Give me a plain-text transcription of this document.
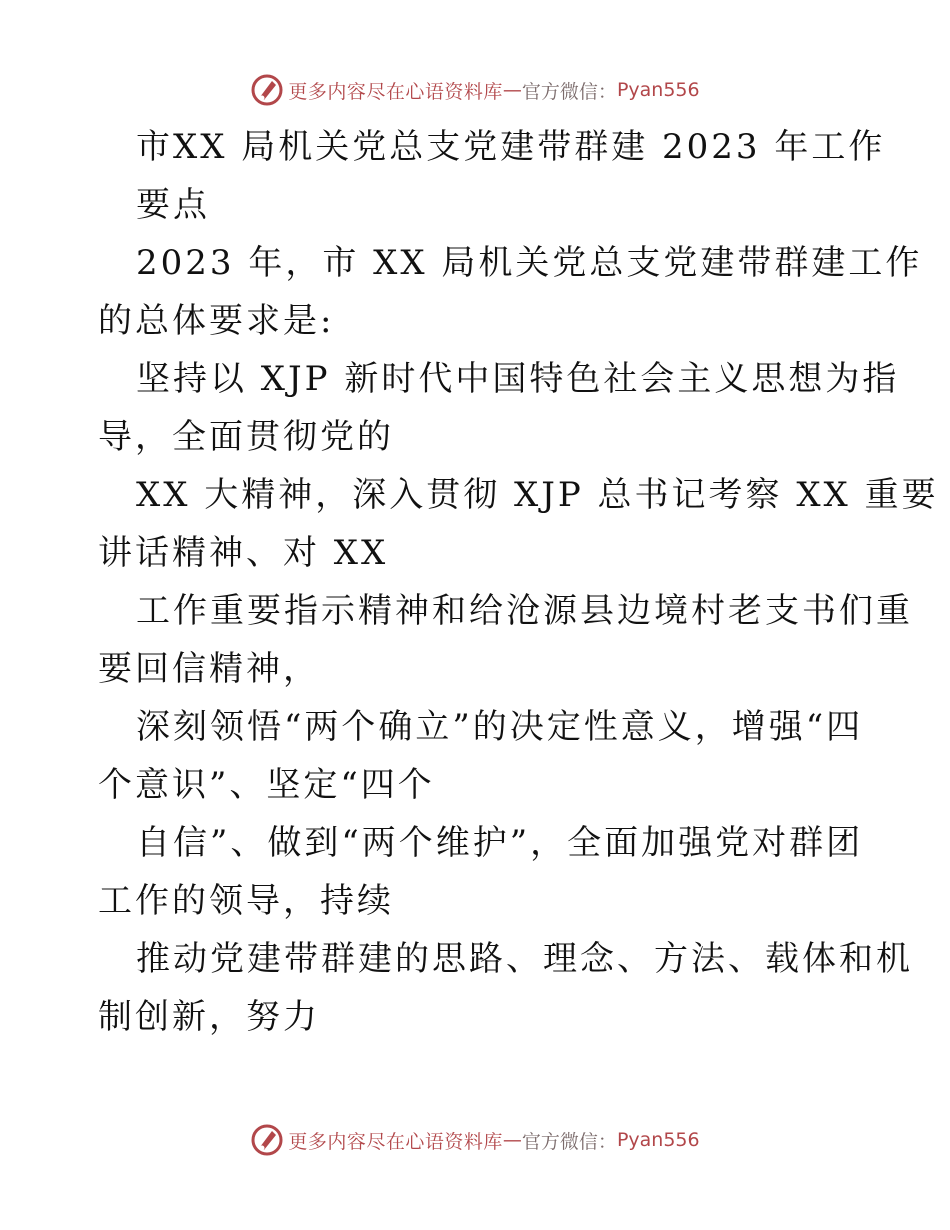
更多内容尽在心语资料库 — 官方微信： Pyan556
市XX 局机关党总支党建带群建 2023 年工作
要点
2023 年，市 XX 局机关党总支党建带群建工作
的总体要求是:
坚持以 XJP 新时代中国特色社会主义思想为指
导，全面贯彻党的
XX 大精神，深入贯彻 XJP 总书记考察 XX 重要
讲话精神、对 XX
工作重要指示精神和给沧源县边境村老支书们重
要回信精神，
深刻领悟“两个确立”的决定性意义，增强“四
个意识”、坚定“四个
自信”、做到“两个维护”，全面加强党对群团
工作的领导，持续
推动党建带群建的思路、理念、方法、载体和机
制创新，努力
更多内容尽在心语资料库 — 官方微信： Pyan556
